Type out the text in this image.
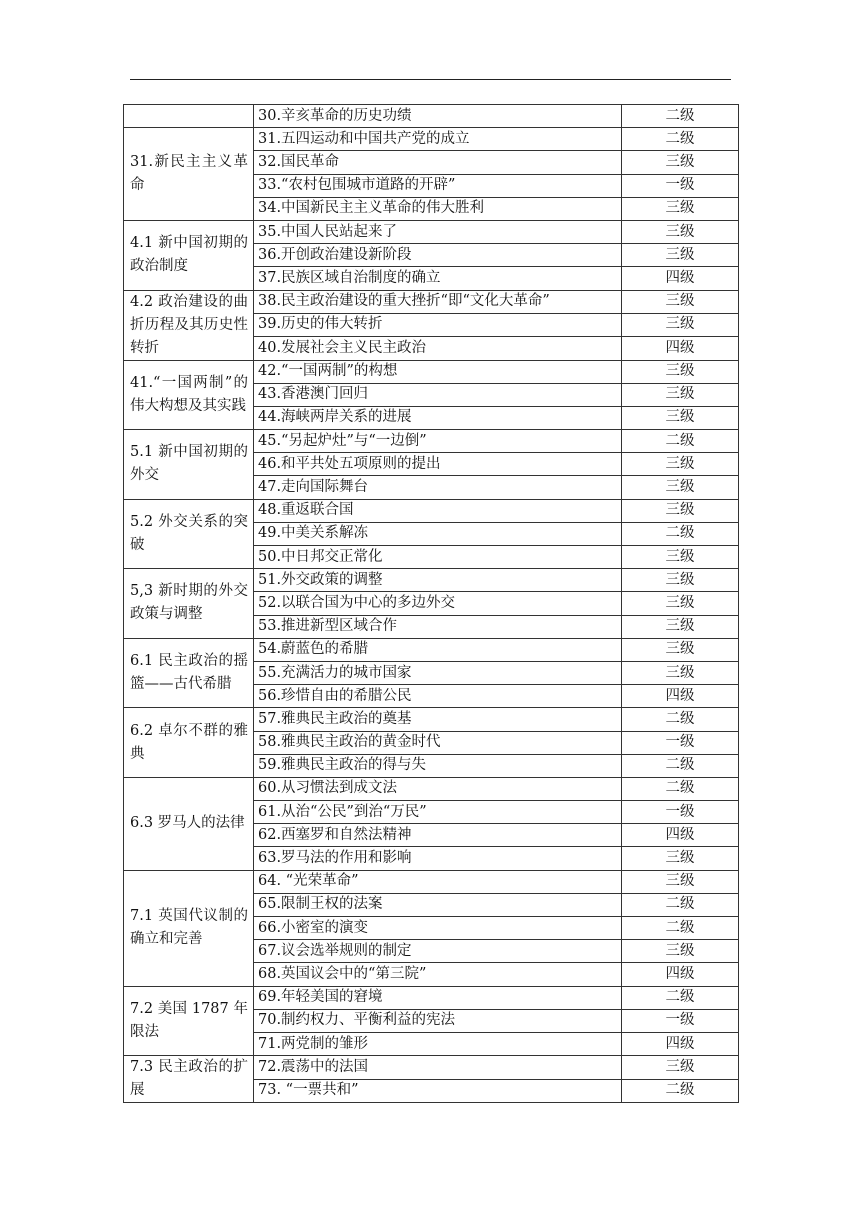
	30.辛亥革命的历史功绩	二级
31.新民主主义革命	31.五四运动和中国共产党的成立	二级
	32.国民革命	三级
	33.“农村包围城市道路的开辟”	一级
	34.中国新民主主义革命的伟大胜利	三级
4.1 新中国初期的政治制度	35.中国人民站起来了	三级
	36.开创政治建设新阶段	三级
	37.民族区域自治制度的确立	四级
4.2 政治建设的曲折历程及其历史性转折	38.民主政治建设的重大挫折“即“文化大革命”	三级
	39.历史的伟大转折	三级
	40.发展社会主义民主政治	四级
41.“一国两制”的伟大构想及其实践	42.“一国两制”的构想	三级
	43.香港澳门回归	三级
	44.海峡两岸关系的进展	三级
5.1 新中国初期的外交	45.“另起炉灶”与“一边倒”	二级
	46.和平共处五项原则的提出	三级
	47.走向国际舞台	三级
5.2 外交关系的突破	48.重返联合国	三级
	49.中美关系解冻	二级
	50.中日邦交正常化	三级
5,3 新时期的外交政策与调整	51.外交政策的调整	三级
	52.以联合国为中心的多边外交	三级
	53.推进新型区域合作	三级
6.1 民主政治的摇篮——古代希腊	54.蔚蓝色的希腊	三级
	55.充满活力的城市国家	三级
	56.珍惜自由的希腊公民	四级
6.2 卓尔不群的雅典	57.雅典民主政治的奠基	二级
	58.雅典民主政治的黄金时代	一级
	59.雅典民主政治的得与失	二级
6.3 罗马人的法律	60.从习惯法到成文法	二级
	61.从治“公民”到治“万民”	一级
	62.西塞罗和自然法精神	四级
	63.罗马法的作用和影响	三级
7.1 英国代议制的确立和完善	64. “光荣革命”	三级
	65.限制王权的法案	二级
	66.小密室的演变	二级
	67.议会选举规则的制定	三级
	68.英国议会中的“第三院”	四级
7.2 美国 1787 年限法	69.年轻美国的窘境	二级
	70.制约权力、平衡利益的宪法	一级
	71.两党制的雏形	四级
7.3 民主政治的扩展	72.震荡中的法国	三级
	73. “一票共和”	二级
